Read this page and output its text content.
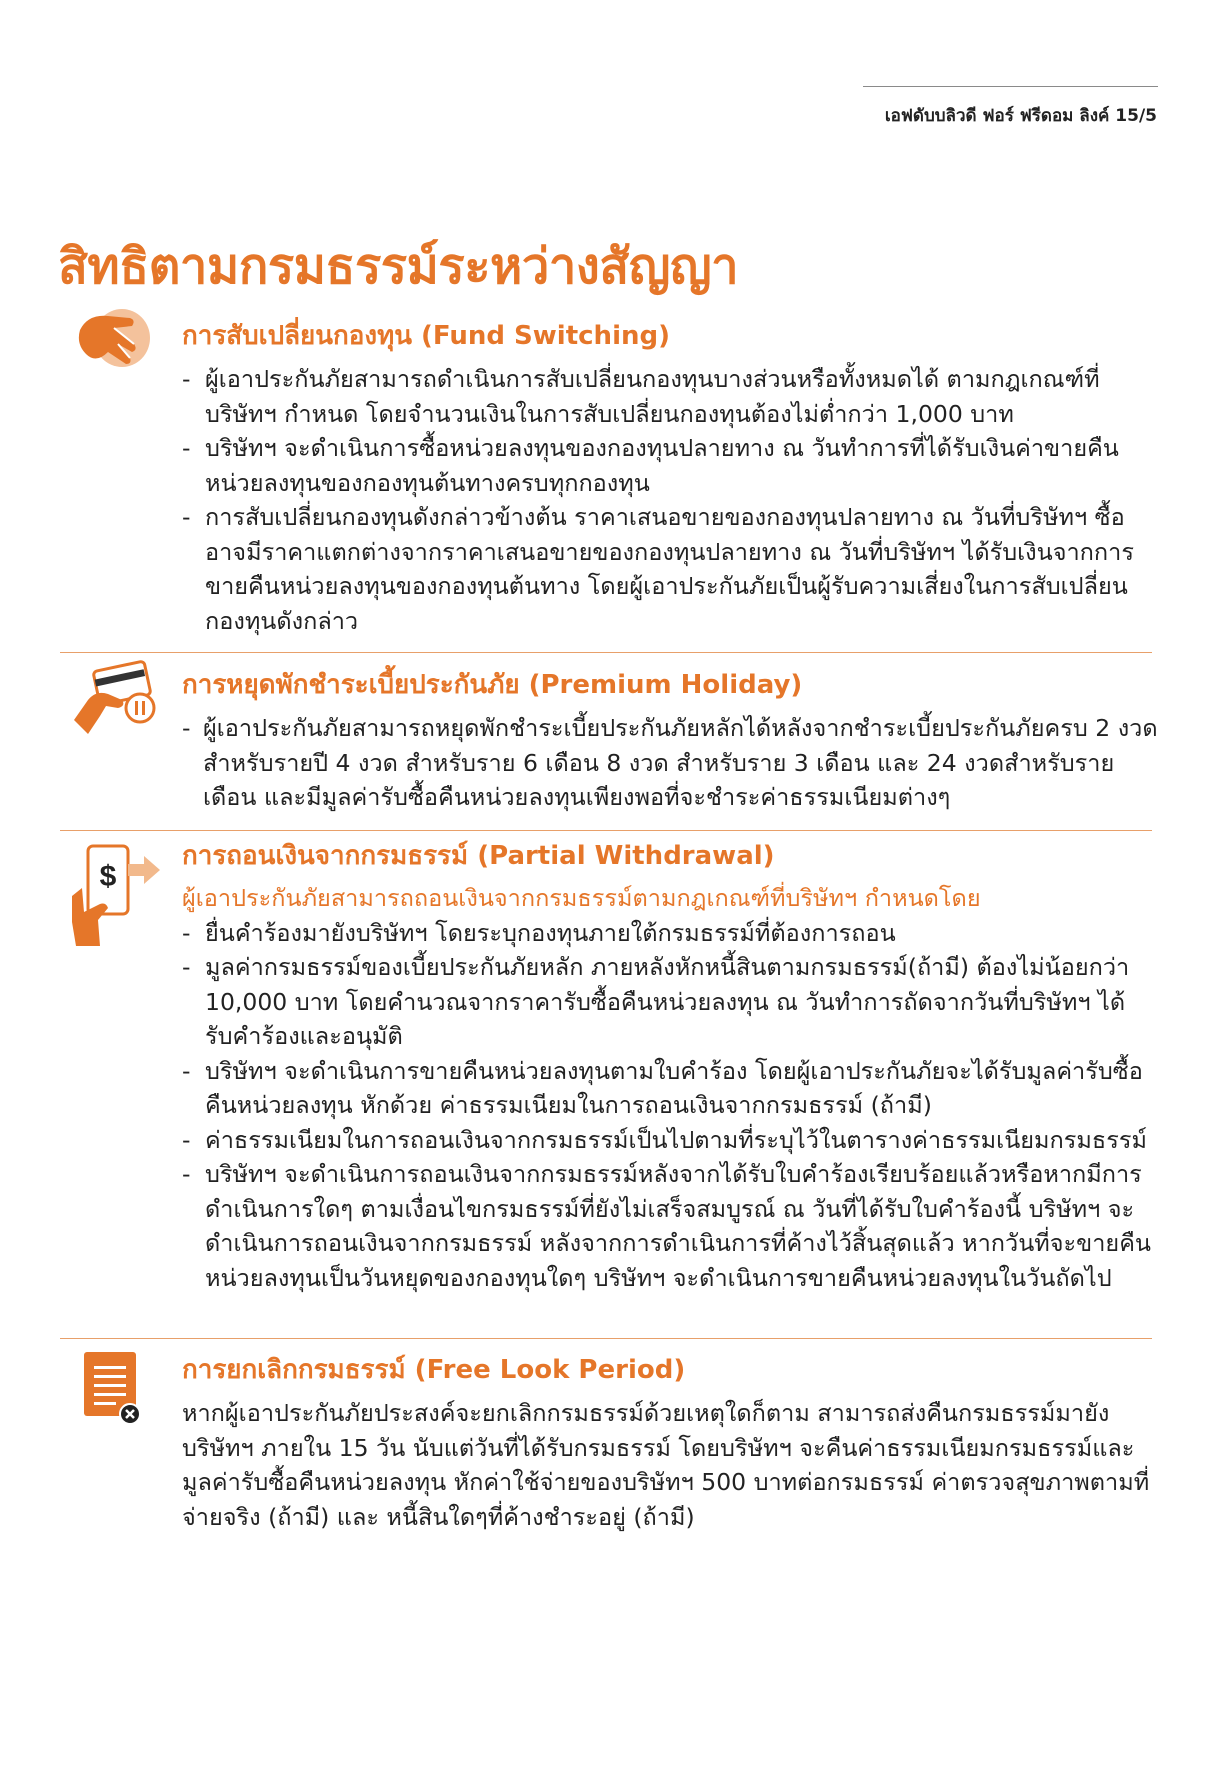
เอฟดับบลิวดี ฟอร์ ฟรีดอม ลิงค์ 15/5
สิทธิตามกรมธรรม์ระหว่างสัญญา
การสับเปลี่ยนกองทุน (Fund Switching)
- ผู้เอาประกันภัยสามารถดำเนินการสับเปลี่ยนกองทุนบางส่วนหรือทั้งหมดได้ ตามกฎเกณฑ์ที่บริษัทฯ กำหนด โดยจำนวนเงินในการสับเปลี่ยนกองทุนต้องไม่ต่ำกว่า 1,000 บาท
- บริษัทฯ จะดำเนินการซื้อหน่วยลงทุนของกองทุนปลายทาง ณ วันทำการที่ได้รับเงินค่าขายคืนหน่วยลงทุนของกองทุนต้นทางครบทุกกองทุน
- การสับเปลี่ยนกองทุนดังกล่าวข้างต้น ราคาเสนอขายของกองทุนปลายทาง ณ วันที่บริษัทฯ ซื้ออาจมีราคาแตกต่างจากราคาเสนอขายของกองทุนปลายทาง ณ วันที่บริษัทฯ ได้รับเงินจากการขายคืนหน่วยลงทุนของกองทุนต้นทาง โดยผู้เอาประกันภัยเป็นผู้รับความเสี่ยงในการสับเปลี่ยนกองทุนดังกล่าว
การหยุดพักชำระเบี้ยประกันภัย (Premium Holiday)
- ผู้เอาประกันภัยสามารถหยุดพักชำระเบี้ยประกันภัยหลักได้หลังจากชำระเบี้ยประกันภัยครบ 2 งวดสำหรับรายปี 4 งวด สำหรับราย 6 เดือน 8 งวด สำหรับราย 3 เดือน และ 24 งวดสำหรับรายเดือน และมีมูลค่ารับซื้อคืนหน่วยลงทุนเพียงพอที่จะชำระค่าธรรมเนียมต่างๆ
$
การถอนเงินจากกรมธรรม์ (Partial Withdrawal)
ผู้เอาประกันภัยสามารถถอนเงินจากกรมธรรม์ตามกฎเกณฑ์ที่บริษัทฯ กำหนดโดย
- ยื่นคำร้องมายังบริษัทฯ โดยระบุกองทุนภายใต้กรมธรรม์ที่ต้องการถอน
- มูลค่ากรมธรรม์ของเบี้ยประกันภัยหลัก ภายหลังหักหนี้สินตามกรมธรรม์(ถ้ามี) ต้องไม่น้อยกว่า 10,000 บาท โดยคำนวณจากราคารับซื้อคืนหน่วยลงทุน ณ วันทำการถัดจากวันที่บริษัทฯ ได้รับคำร้องและอนุมัติ
- บริษัทฯ จะดำเนินการขายคืนหน่วยลงทุนตามใบคำร้อง โดยผู้เอาประกันภัยจะได้รับมูลค่ารับซื้อคืนหน่วยลงทุน หักด้วย ค่าธรรมเนียมในการถอนเงินจากกรมธรรม์ (ถ้ามี)
- ค่าธรรมเนียมในการถอนเงินจากกรมธรรม์เป็นไปตามที่ระบุไว้ในตารางค่าธรรมเนียมกรมธรรม์
- บริษัทฯ จะดำเนินการถอนเงินจากกรมธรรม์หลังจากได้รับใบคำร้องเรียบร้อยแล้วหรือหากมีการดำเนินการใดๆ ตามเงื่อนไขกรมธรรม์ที่ยังไม่เสร็จสมบูรณ์ ณ วันที่ได้รับใบคำร้องนี้ บริษัทฯ จะดำเนินการถอนเงินจากกรมธรรม์ หลังจากการดำเนินการที่ค้างไว้สิ้นสุดแล้ว หากวันที่จะขายคืนหน่วยลงทุนเป็นวันหยุดของกองทุนใดๆ บริษัทฯ จะดำเนินการขายคืนหน่วยลงทุนในวันถัดไป
การยกเลิกกรมธรรม์ (Free Look Period)

หากผู้เอาประกันภัยประสงค์จะยกเลิกกรมธรรม์ด้วยเหตุใดก็ตาม สามารถส่งคืนกรมธรรม์มายังบริษัทฯ ภายใน 15 วัน นับแต่วันที่ได้รับกรมธรรม์ โดยบริษัทฯ จะคืนค่าธรรมเนียมกรมธรรม์และมูลค่ารับซื้อคืนหน่วยลงทุน หักค่าใช้จ่ายของบริษัทฯ 500 บาทต่อกรมธรรม์ ค่าตรวจสุขภาพตามที่จ่ายจริง (ถ้ามี) และ หนี้สินใดๆที่ค้างชำระอยู่ (ถ้ามี)
